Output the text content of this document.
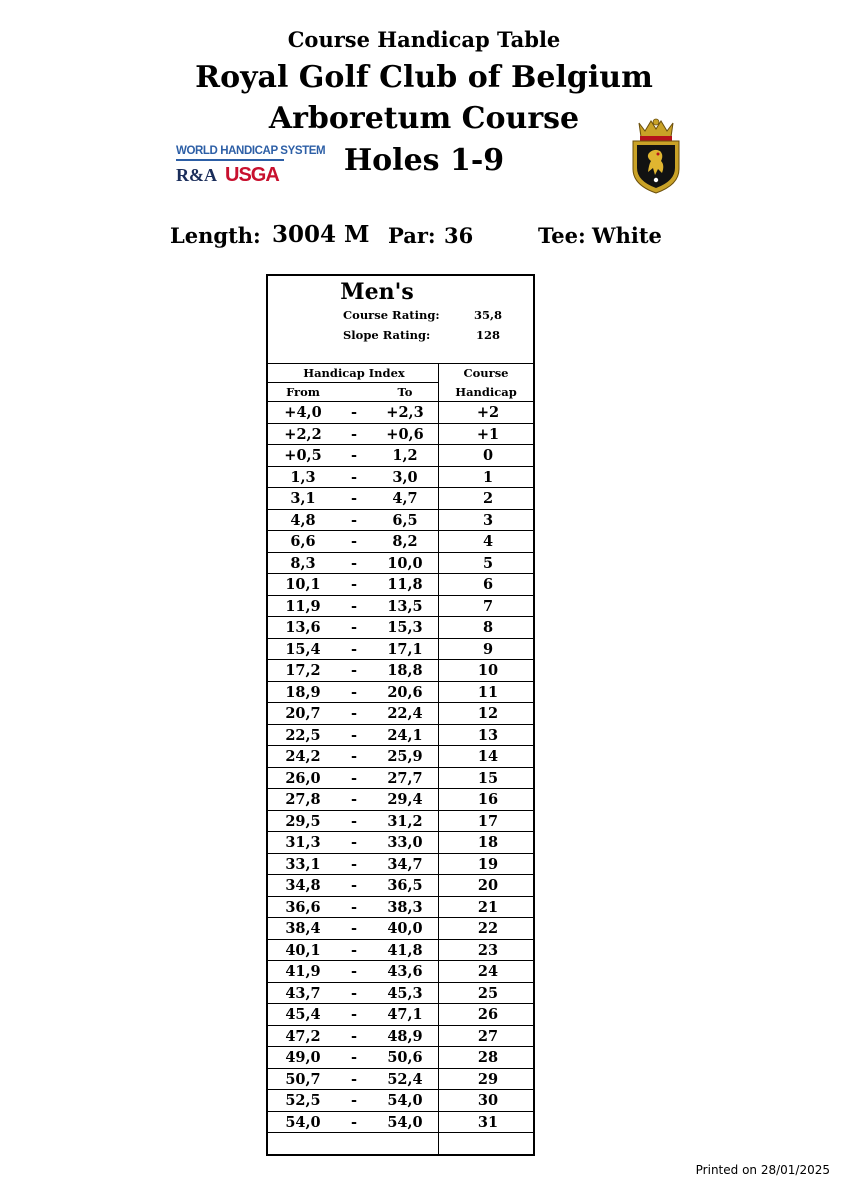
Course Handicap Table
Royal Golf Club of Belgium
Arboretum Course
Holes 1-9
WORLD HANDICAP SYSTEM
R&A USGA
Length: 3004 M Par: 36	Tee: White
Men's
Course Rating:	35,8
Slope Rating:	128
Handicap Index
From	To
Course
Handicap
+4,0	-	+2,3	+2
+2,2	-	+0,6	+1
+0,5	-	1,2	0
1,3	-	3,0	1
3,1	-	4,7	2
4,8	-	6,5	3
6,6	-	8,2	4
8,3	-	10,0	5
10,1	-	11,8	6
11,9	-	13,5	7
13,6	-	15,3	8
15,4	-	17,1	9
17,2	-	18,8	10
18,9	-	20,6	11
20,7	-	22,4	12
22,5	-	24,1	13
24,2	-	25,9	14
26,0	-	27,7	15
27,8	-	29,4	16
29,5	-	31,2	17
31,3	-	33,0	18
33,1	-	34,7	19
34,8	-	36,5	20
36,6	-	38,3	21
38,4	-	40,0	22
40,1	-	41,8	23
41,9	-	43,6	24
43,7	-	45,3	25
45,4	-	47,1	26
47,2	-	48,9	27
49,0	-	50,6	28
50,7	-	52,4	29
52,5	-	54,0	30
54,0	-	54,0	31
Printed on 28/01/2025
